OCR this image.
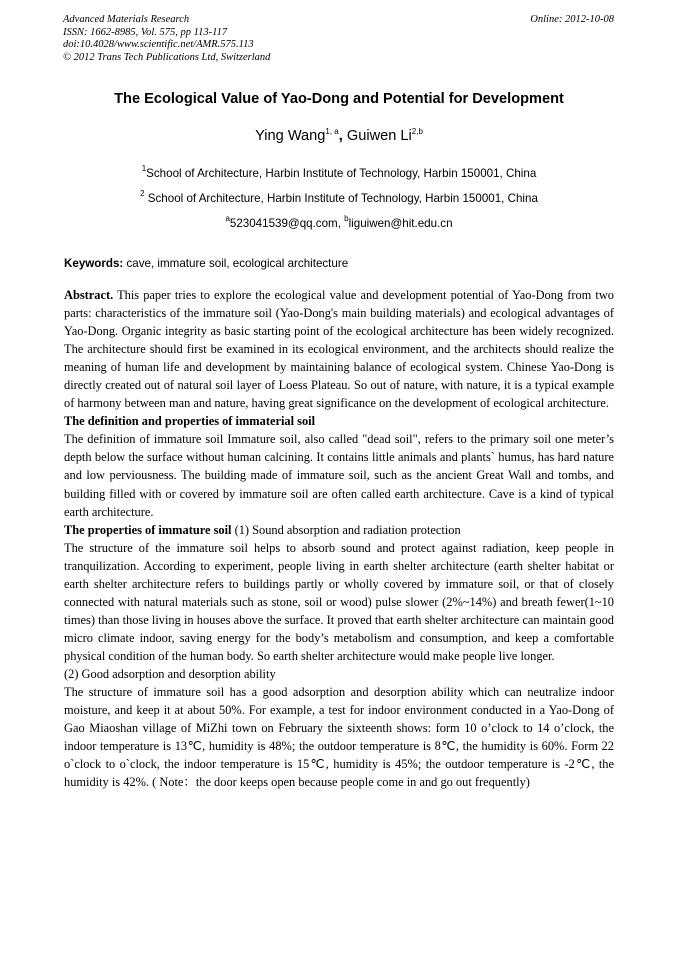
Advanced Materials Research
ISSN: 1662-8985, Vol. 575, pp 113-117
doi:10.4028/www.scientific.net/AMR.575.113
© 2012 Trans Tech Publications Ltd, Switzerland
Online: 2012-10-08
The Ecological Value of Yao-Dong and Potential for Development
Ying Wang$^{1, a}$, Guiwen Li$^{2,b}$
$^1$School of Architecture, Harbin Institute of Technology, Harbin 150001, China
$^2$ School of Architecture, Harbin Institute of Technology, Harbin 150001, China
$^a$523041539@qq.com, $^b$liguiwen@hit.edu.cn
Keywords: cave, immature soil, ecological architecture

Abstract. This paper tries to explore the ecological value and development potential of Yao-Dong from two parts: characteristics of the immature soil (Yao-Dong's main building materials) and ecological advantages of Yao-Dong. Organic integrity as basic starting point of the ecological architecture has been widely recognized. The architecture should first be examined in its ecological environment, and the architects should realize the meaning of human life and development by maintaining balance of ecological system. Chinese Yao-Dong is directly created out of natural soil layer of Loess Plateau. So out of nature, with nature, it is a typical example of harmony between man and nature, having great significance on the development of ecological architecture.

The definition and properties of immaterial soil

The definition of immature soil Immature soil, also called "dead soil", refers to the primary soil one meter’s depth below the surface without human calcining. It contains little animals and plants` humus, has hard nature and low perviousness. The building made of immature soil, such as the ancient Great Wall and tombs, and building filled with or covered by immature soil are often called earth architecture. Cave is a kind of typical earth architecture.

The properties of immature soil (1) Sound absorption and radiation protection

The structure of the immature soil helps to absorb sound and protect against radiation, keep people in tranquilization. According to experiment, people living in earth shelter architecture (earth shelter habitat or earth shelter architecture refers to buildings partly or wholly covered by immature soil, or that of closely connected with natural materials such as stone, soil or wood) pulse slower (2%~14%) and breath fewer(1~10 times) than those living in houses above the surface. It proved that earth shelter architecture can maintain good micro climate indoor, saving energy for the body’s metabolism and consumption, and keep a comfortable physical condition of the human body. So earth shelter architecture would make people live longer.

(2) Good adsorption and desorption ability

The structure of immature soil has a good adsorption and desorption ability which can neutralize indoor moisture, and keep it at about 50%. For example, a test for indoor environment conducted in a Yao-Dong of Gao Miaoshan village of MiZhi town on February the sixteenth shows: form 10 o’clock to 14 o’clock, the indoor temperature is 13℃, humidity is 48%; the outdoor temperature is 8℃, the humidity is 60%. Form 22 o`clock to o`clock, the indoor temperature is 15℃, humidity is 45%; the outdoor temperature is -2℃, the humidity is 42%. ( Note：the door keeps open because people come in and go out frequently)
